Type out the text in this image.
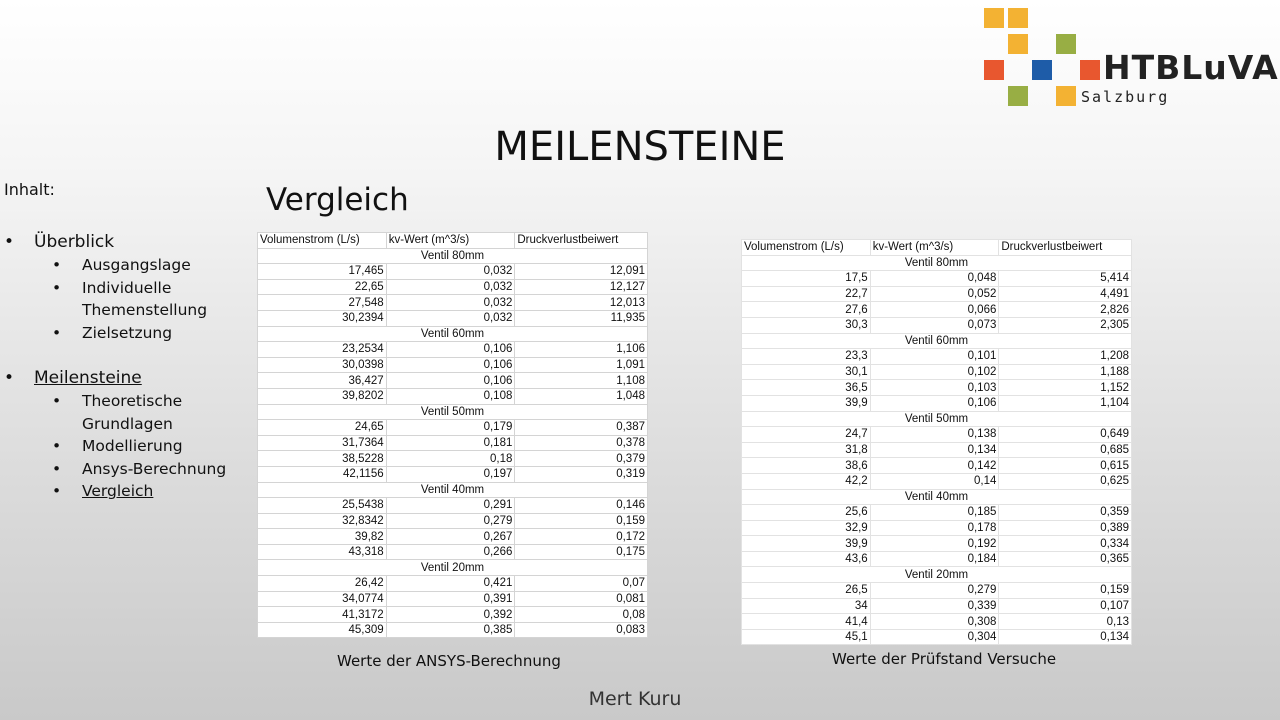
HTBLuVA
Salzburg
MEILENSTEINE
Vergleich
Inhalt:
• Überblick
• Ausgangslage
• Individuelle Themenstellung
• Zielsetzung
• Meilensteine
• Theoretische Grundlagen
• Modellierung
• Ansys-Berechnung
• Vergleich
Volumenstrom (L/s)	kv-Wert (m^3/s)	Druckverlustbeiwert
Ventil 80mm		
17,465	0,032	12,091
22,65	0,032	12,127
27,548	0,032	12,013
30,2394	0,032	11,935
Ventil 60mm		
23,2534	0,106	1,106
30,0398	0,106	1,091
36,427	0,106	1,108
39,8202	0,108	1,048
Ventil 50mm		
24,65	0,179	0,387
31,7364	0,181	0,378
38,5228	0,18	0,379
42,1156	0,197	0,319
Ventil 40mm		
25,5438	0,291	0,146
32,8342	0,279	0,159
39,82	0,267	0,172
43,318	0,266	0,175
Ventil 20mm		
26,42	0,421	0,07
34,0774	0,391	0,081
41,3172	0,392	0,08
45,309	0,385	0,083
Werte der ANSYS-Berechnung
Volumenstrom (L/s)	kv-Wert (m^3/s)	Druckverlustbeiwert
Ventil 80mm		
17,5	0,048	5,414
22,7	0,052	4,491
27,6	0,066	2,826
30,3	0,073	2,305
Ventil 60mm		
23,3	0,101	1,208
30,1	0,102	1,188
36,5	0,103	1,152
39,9	0,106	1,104
Ventil 50mm		
24,7	0,138	0,649
31,8	0,134	0,685
38,6	0,142	0,615
42,2	0,14	0,625
Ventil 40mm		
25,6	0,185	0,359
32,9	0,178	0,389
39,9	0,192	0,334
43,6	0,184	0,365
Ventil 20mm		
26,5	0,279	0,159
34	0,339	0,107
41,4	0,308	0,13
45,1	0,304	0,134
Werte der Prüfstand Versuche
Mert Kuru
